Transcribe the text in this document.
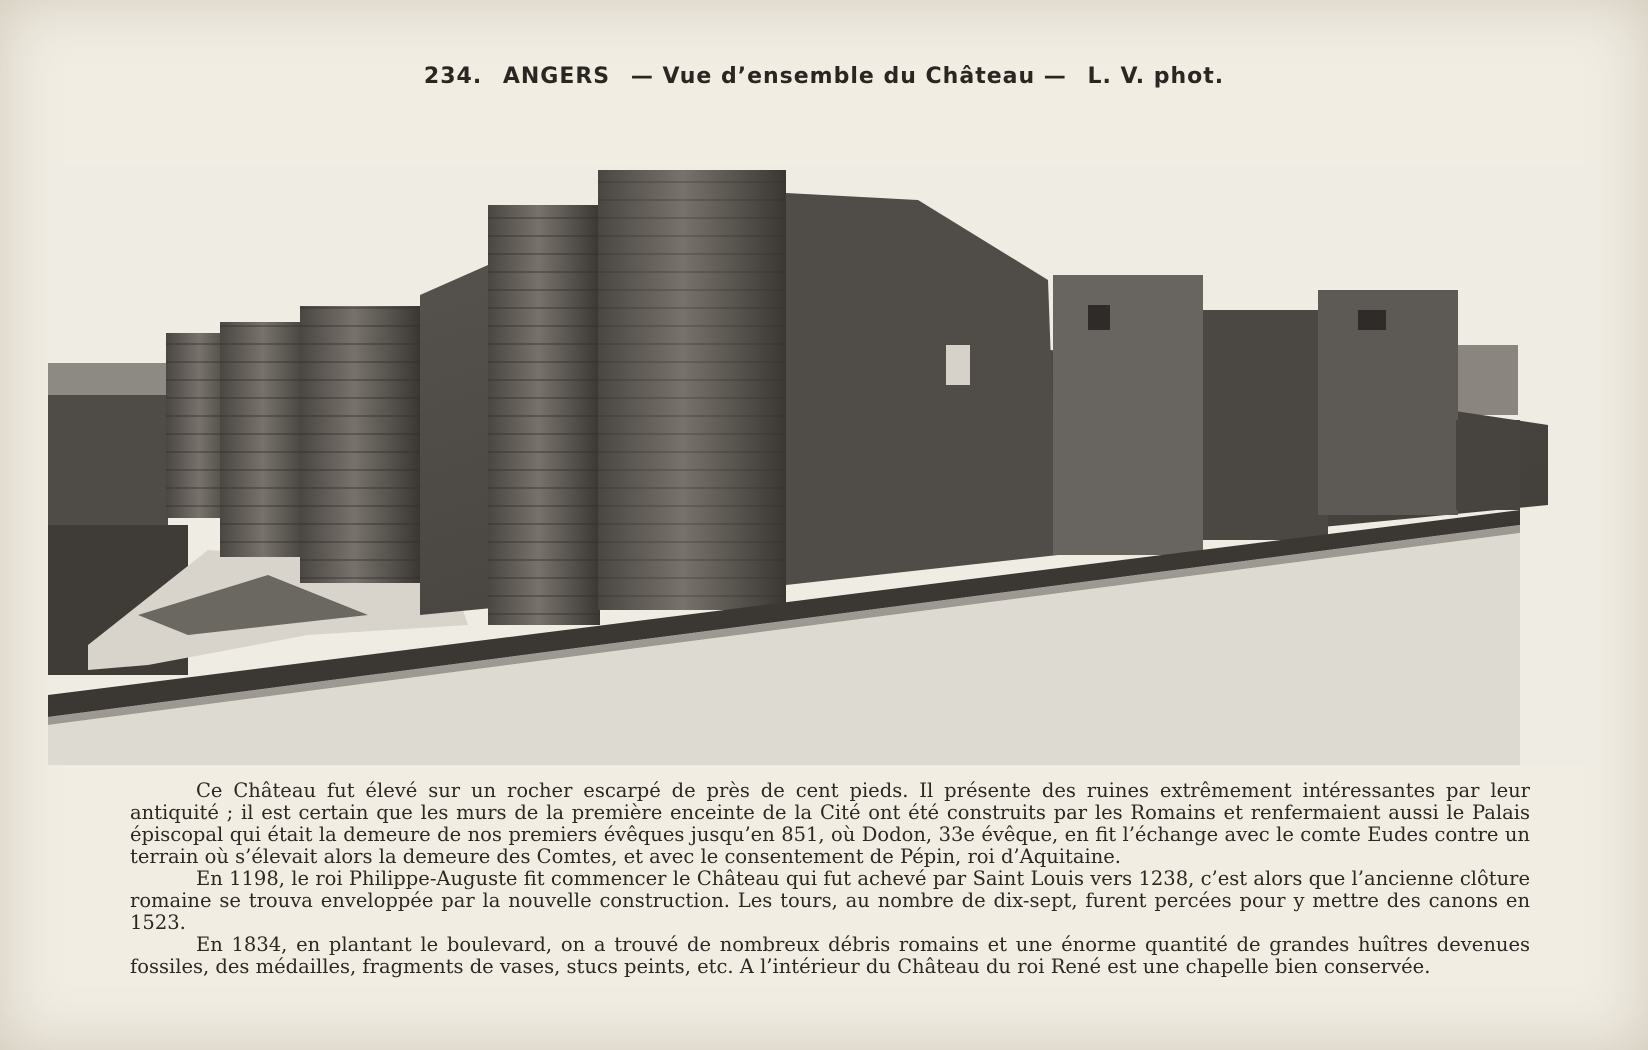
234. ANGERS — Vue d’ensemble du Château — L. V. phot.

Ce Château fut élevé sur un rocher escarpé de près de cent pieds. Il présente des ruines extrêmement intéressantes par leur antiquité ; il est certain que les murs de la première enceinte de la Cité ont été construits par les Romains et renfermaient aussi le Palais épiscopal qui était la demeure de nos premiers évêques jusqu’en 851, où Dodon, 33e évêque, en fit l’échange avec le comte Eudes contre un terrain où s’élevait alors la demeure des Comtes, et avec le consentement de Pépin, roi d’Aquitaine.

En 1198, le roi Philippe-Auguste fit commencer le Château qui fut achevé par Saint Louis vers 1238, c’est alors que l’ancienne clôture romaine se trouva enveloppée par la nouvelle construction. Les tours, au nombre de dix-sept, furent percées pour y mettre des canons en 1523.

En 1834, en plantant le boulevard, on a trouvé de nombreux débris romains et une énorme quantité de grandes huîtres devenues fossiles, des médailles, fragments de vases, stucs peints, etc. A l’intérieur du Château du roi René est une chapelle bien conservée.
